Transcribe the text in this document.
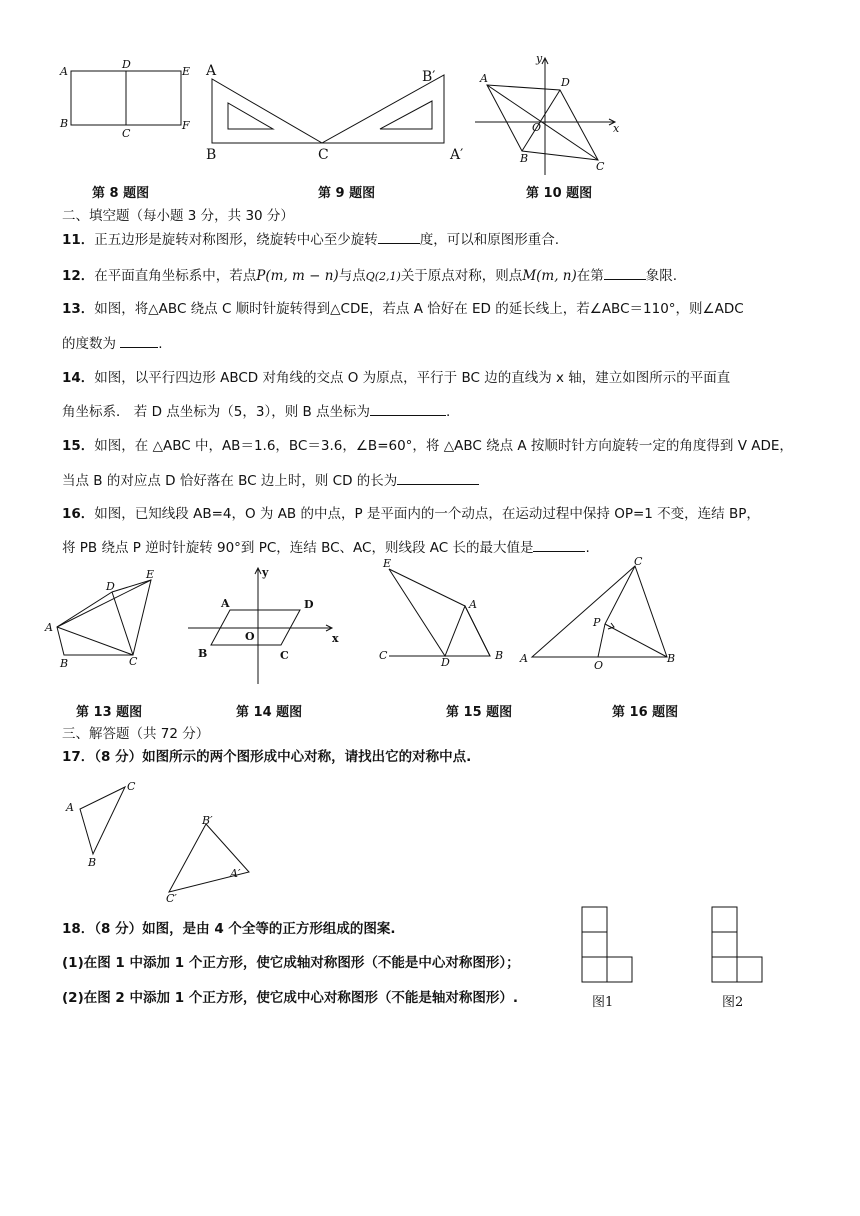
A
D
E
B
C
F
A	B′
B	C	A′
y
A	D
O	x
B
C
第 8 题图	第 9 题图	第 10 题图
二、填空题（每小题 3 分，共 30 分）
11．正五边形是旋转对称图形，绕旋转中心至少旋转	度，可以和原图形重合.
12．在平面直角坐标系中，若点P(m, m − n)与点Q(2,1)关于原点对称，则点M(m, n)在第	象限.
13．如图，将△ABC 绕点 C 顺时针旋转得到△CDE，若点 A 恰好在 ED 的延长线上，若∠ABC＝110°，则∠ADC
的度数为	.
14．如图，以平行四边形 ABCD 对角线的交点 O 为原点，平行于 BC 边的直线为 x 轴，建立如图所示的平面直
角坐标系． 若 D 点坐标为（5，3），则 B 点坐标为	.
15．如图，在 △ABC 中，AB＝1.6，BC＝3.6，∠B=60°，将 △ABC 绕点 A 按顺时针方向旋转一定的角度得到 V ADE，
当点 B 的对应点 D 恰好落在 BC 边上时，则 CD 的长为
16．如图，已知线段 AB=4，O 为 AB 的中点，P 是平面内的一个动点，在运动过程中保持 OP=1 不变，连结 BP，
将 PB 绕点 P 逆时针旋转 90°到 PC，连结 BC、AC，则线段 AC 长的最大值是	.
D
E
A
B	C
y
A	D
O	x
B	C
E
A
C
D
B
C
P
A
O
B
第 13 题图	第 14 题图	第 15 题图	第 16 题图
三、解答题（共 72 分）
17．（8 分）如图所示的两个图形成中心对称，请找出它的对称中点.
C
A
B
B′
A′
C′
18．（8 分）如图，是由 4 个全等的正方形组成的图案.
(1)在图 1 中添加 1 个正方形，使它成轴对称图形（不能是中心对称图形）；
(2)在图 2 中添加 1 个正方形，使它成中心对称图形（不能是轴对称图形）.	图1	图2
